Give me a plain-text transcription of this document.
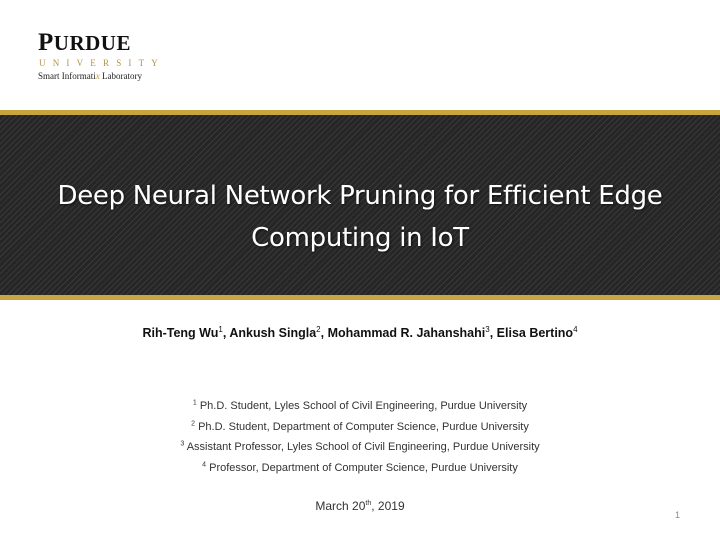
PURDUE
UNIVERSITY
Smart Informatix Laboratory
Deep Neural Network Pruning for Efficient Edge
Computing in IoT
Rih-Teng Wu$^1$, Ankush Singla$^2$, Mohammad R. Jahanshahi$^3$, Elisa Bertino$^4$
$^1$ Ph.D. Student, Lyles School of Civil Engineering, Purdue University
$^2$ Ph.D. Student, Department of Computer Science, Purdue University
$^3$ Assistant Professor, Lyles School of Civil Engineering, Purdue University
$^4$ Professor, Department of Computer Science, Purdue University
March 20th, 2019
1
